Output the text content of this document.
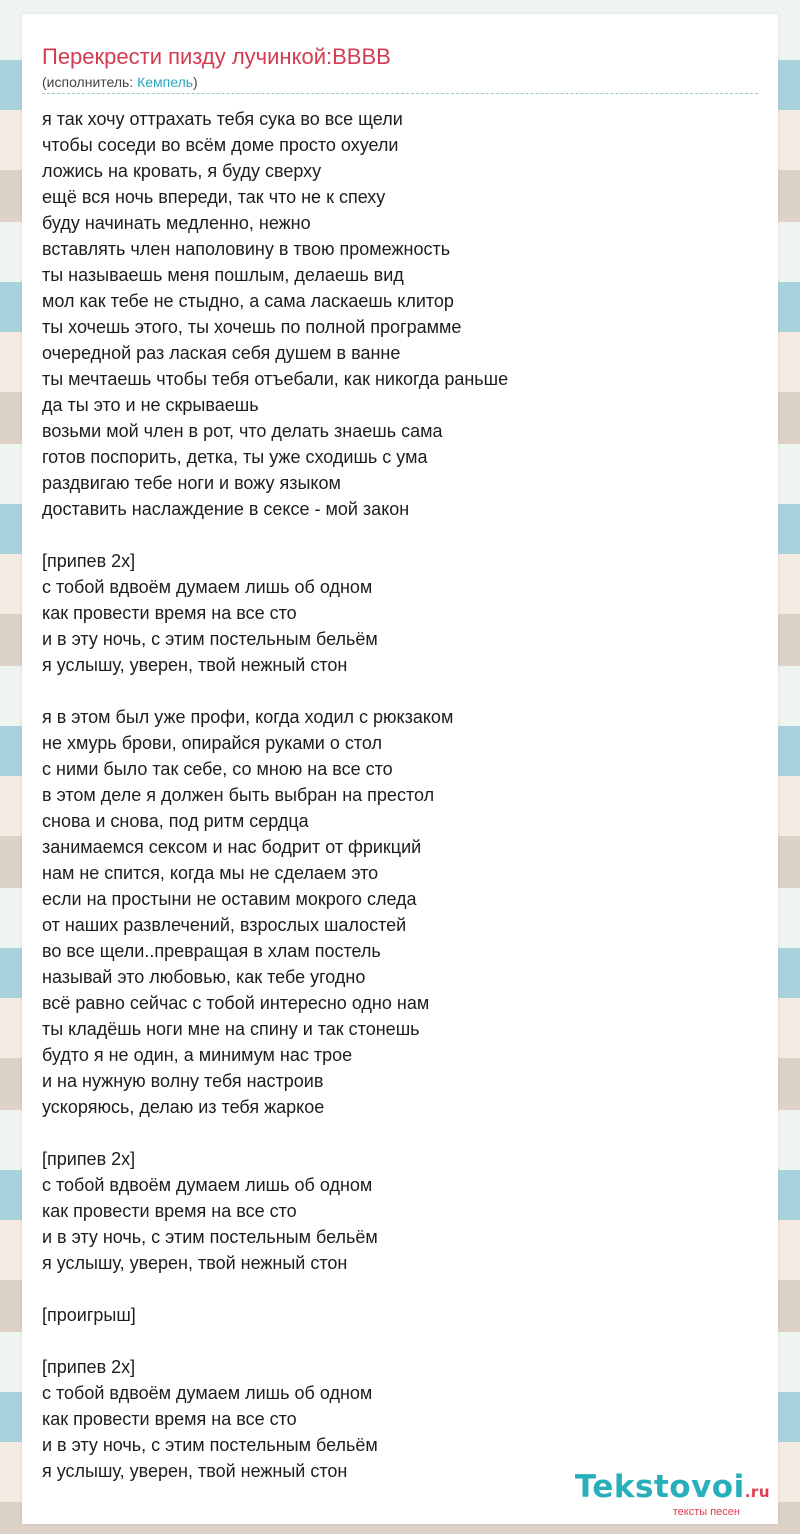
Перекрести пизду лучинкой:ВВВВ
(исполнитель: Кемпель)
я так хочу оттрахать тебя сука во все щели
чтобы соседи во всём доме просто охуели
ложись на кровать, я буду сверху
ещё вся ночь впереди, так что не к спеху
буду начинать медленно, нежно
вставлять член наполовину в твою промежность
ты называешь меня пошлым, делаешь вид
мол как тебе не стыдно, а сама ласкаешь клитор
ты хочешь этого, ты хочешь по полной программе
очередной раз лаская себя душем в ванне
ты мечтаешь чтобы тебя отъебали, как никогда раньше
да ты это и не скрываешь
возьми мой член в рот, что делать знаешь сама
готов поспорить, детка, ты уже сходишь с ума
раздвигаю тебе ноги и вожу языком
доставить наслаждение в сексе - мой закон
[припев 2x]
с тобой вдвоём думаем лишь об одном
как провести время на все сто
и в эту ночь, с этим постельным бельём
я услышу, уверен, твой нежный стон
я в этом был уже профи, когда ходил с рюкзаком
не хмурь брови, опирайся руками о стол
с ними было так себе, со мною на все сто
в этом деле я должен быть выбран на престол
снова и снова, под ритм сердца
занимаемся сексом и нас бодрит от фрикций
нам не спится, когда мы не сделаем это
если на простыни не оставим мокрого следа
от наших развлечений, взрослых шалостей
во все щели..превращая в хлам постель
называй это любовью, как тебе угодно
всё равно сейчас с тобой интересно одно нам
ты кладёшь ноги мне на спину и так стонешь
будто я не один, а минимум нас трое
и на нужную волну тебя настроив
ускоряюсь, делаю из тебя жаркое
[припев 2x]
с тобой вдвоём думаем лишь об одном
как провести время на все сто
и в эту ночь, с этим постельным бельём
я услышу, уверен, твой нежный стон
[проигрыш]
[припев 2x]
с тобой вдвоём думаем лишь об одном
как провести время на все сто
и в эту ночь, с этим постельным бельём
я услышу, уверен, твой нежный стон	Tekstovoi.ru
тексты песен
